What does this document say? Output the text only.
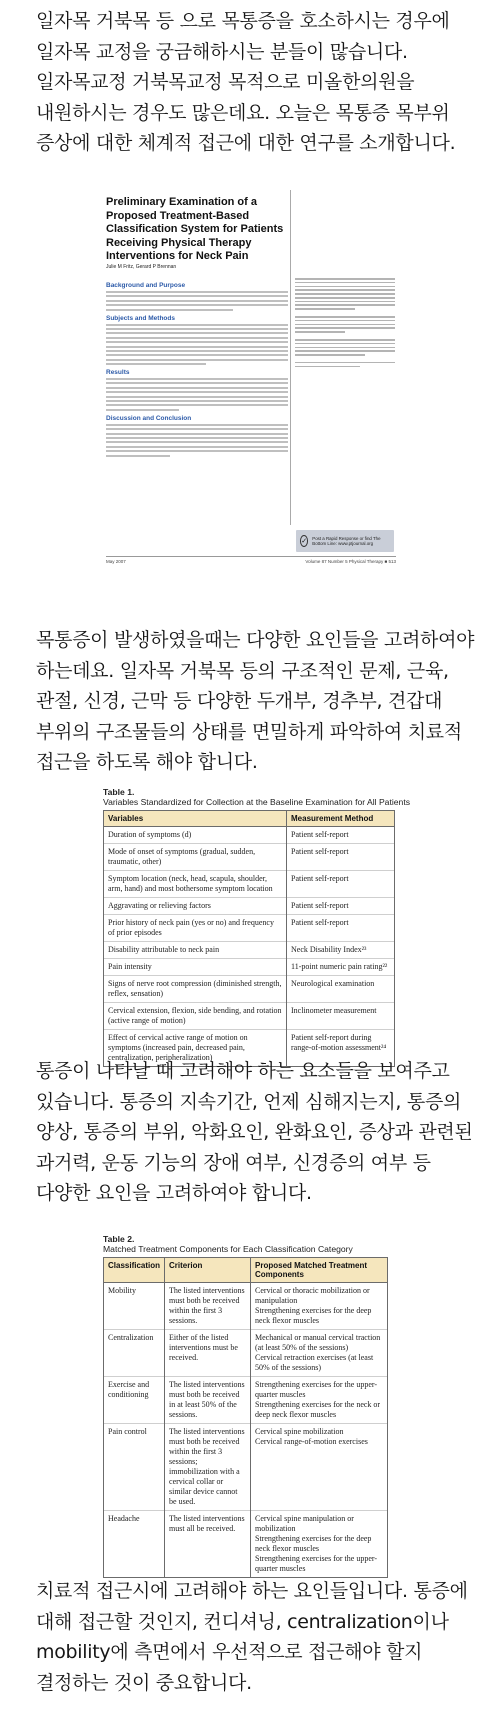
일자목 거북목 등 으로 목통증을 호소하시는 경우에 일자목 교정을 궁금해하시는 분들이 많습니다. 일자목교정 거북목교정 목적으로 미올한의원을 내원하시는 경우도 많은데요. 오늘은 목통증 목부위 증상에 대한 체계적 접근에 대한 연구를 소개합니다.
Preliminary Examination of a Proposed Treatment-Based Classification System for Patients Receiving Physical Therapy Interventions for Neck Pain
Julie M Fritz, Gerard P Brennan
Background and Purpose
Subjects and Methods
Results
Discussion and Conclusion
✓ Post a Rapid Response or find The Bottom Line: www.ptjournal.org
May 2007	Volume 87 Number 5 Physical Therapy ■ 513
목통증이 발생하였을때는 다양한 요인들을 고려하여야 하는데요. 일자목 거북목 등의 구조적인 문제, 근육, 관절, 신경, 근막 등 다양한 두개부, 경추부, 견갑대 부위의 구조물들의 상태를 면밀하게 파악하여 치료적 접근을 하도록 해야 합니다.
Table 1.
Variables Standardized for Collection at the Baseline Examination for All Patients
Variables	Measurement Method
Duration of symptoms (d)	Patient self-report
Mode of onset of symptoms (gradual, sudden, traumatic, other)	Patient self-report
Symptom location (neck, head, scapula, shoulder, arm, hand) and most bothersome symptom location	Patient self-report
Aggravating or relieving factors	Patient self-report
Prior history of neck pain (yes or no) and frequency of prior episodes	Patient self-report
Disability attributable to neck pain	Neck Disability Index²³
Pain intensity	11-point numeric pain rating²²
Signs of nerve root compression (diminished strength, reflex, sensation)	Neurological examination
Cervical extension, flexion, side bending, and rotation (active range of motion)	Inclinometer measurement
Effect of cervical active range of motion on symptoms (increased pain, decreased pain, centralization, peripheralization)	Patient self-report during range-of-motion assessment²⁴
통증이 나타날 때 고려해야 하는 요소들을 보여주고 있습니다. 통증의 지속기간, 언제 심해지는지, 통증의 양상, 통증의 부위, 악화요인, 완화요인, 증상과 관련된 과거력, 운동 기능의 장애 여부, 신경증의 여부 등 다양한 요인을 고려하여야 합니다.
Table 2.
Matched Treatment Components for Each Classification Category
Classification	Criterion	Proposed Matched Treatment Components
Mobility	The listed interventions must both be received within the first 3 sessions.	Cervical or thoracic mobilization or manipulation
Strengthening exercises for the deep neck flexor muscles
Centralization	Either of the listed interventions must be received.	Mechanical or manual cervical traction (at least 50% of the sessions)
Cervical retraction exercises (at least 50% of the sessions)
Exercise and conditioning	The listed interventions must both be received in at least 50% of the sessions.	Strengthening exercises for the upper-quarter muscles
Strengthening exercises for the neck or deep neck flexor muscles
Pain control	The listed interventions must both be received within the first 3 sessions; immobilization with a cervical collar or similar device cannot be used.	Cervical spine mobilization
Cervical range-of-motion exercises
Headache	The listed interventions must all be received.	Cervical spine manipulation or mobilization
Strengthening exercises for the deep neck flexor muscles
Strengthening exercises for the upper-quarter muscles
치료적 접근시에 고려해야 하는 요인들입니다. 통증에 대해 접근할 것인지, 컨디셔닝, centralization이나 mobility에 측면에서 우선적으로 접근해야 할지 결정하는 것이 중요합니다.
